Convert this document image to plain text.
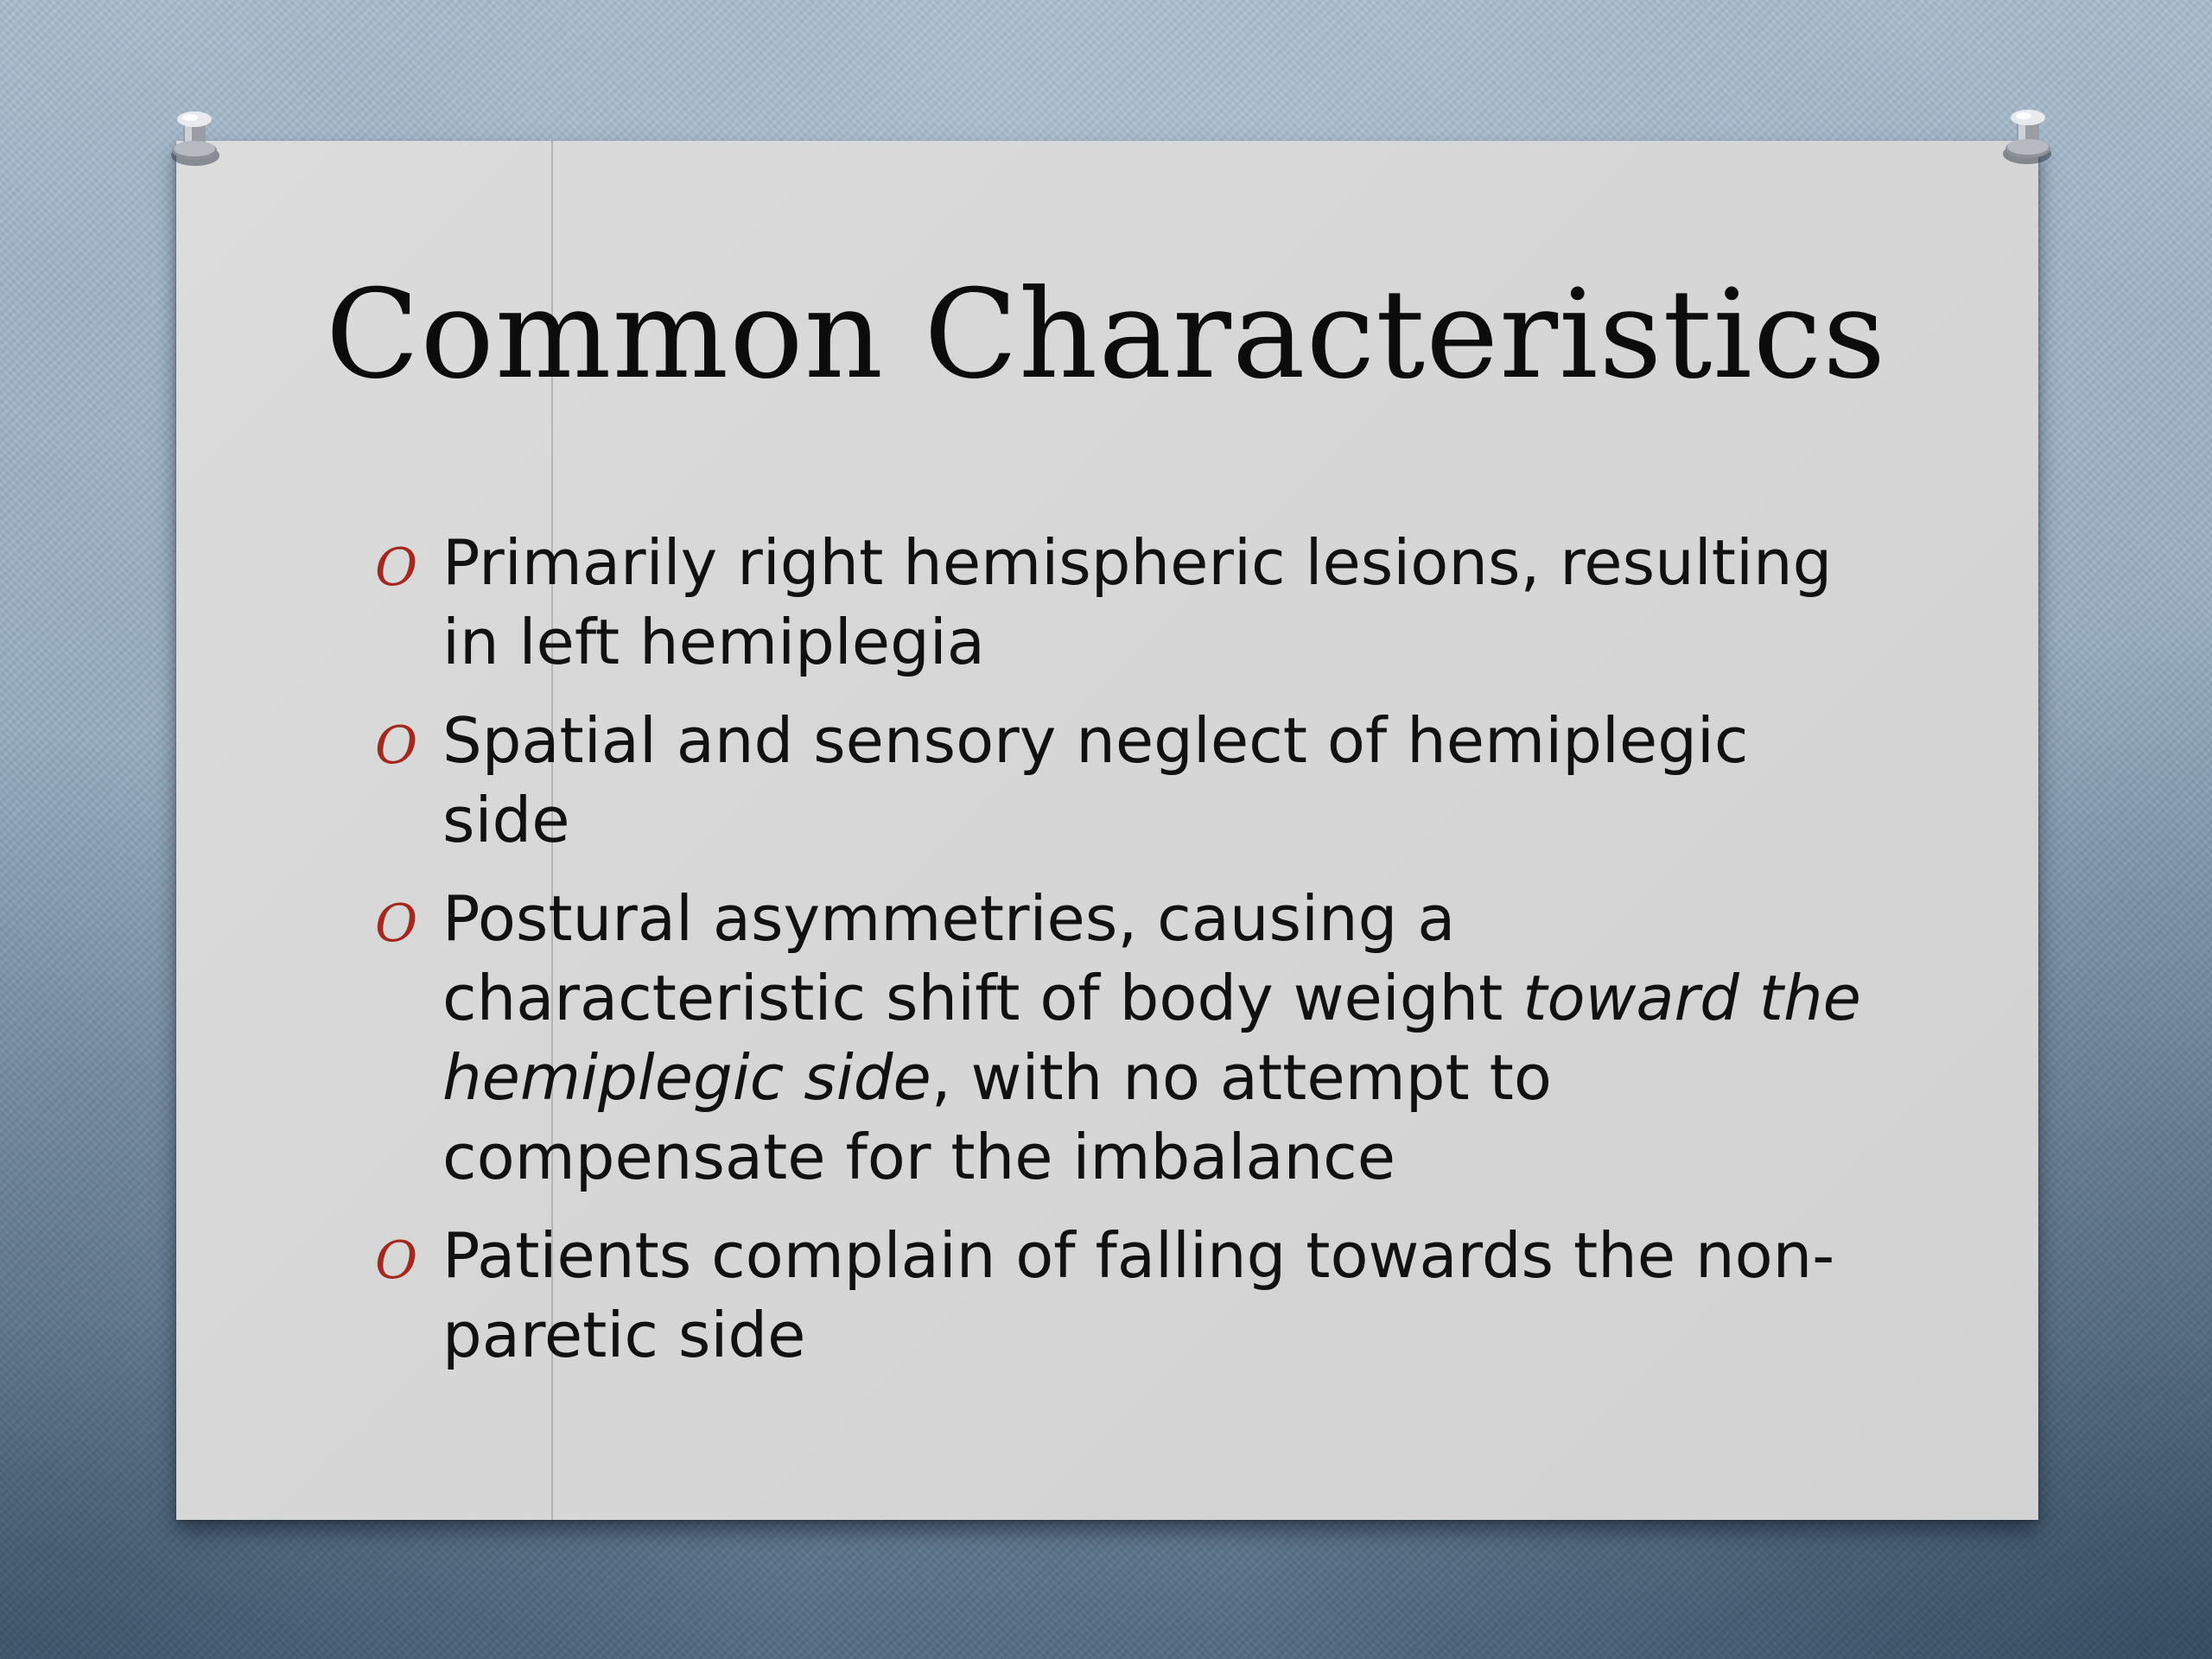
Common Characteristics
O Primarily right hemispheric lesions, resulting in left hemiplegia
O Spatial and sensory neglect of hemiplegic side
O Postural asymmetries, causing a characteristic shift of body weight toward the hemiplegic side, with no attempt to compensate for the imbalance
O Patients complain of falling towards the non-paretic side
